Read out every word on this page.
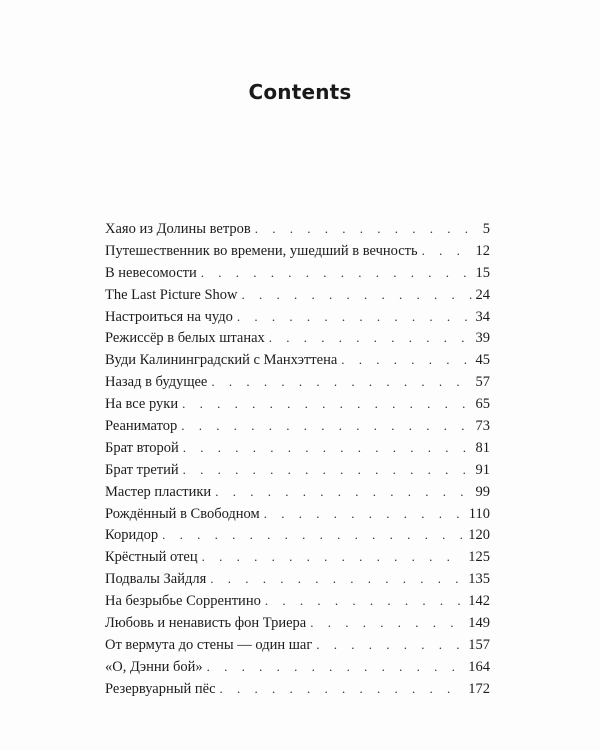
Contents
Хаяо из Долины ветров . . .	5
Путешественник во времени, ушедший в вечность . . .	12
В невесомости . . .	15
The Last Picture Show . . .	24
Настроиться на чудо . . .	34
Режиссёр в белых штанах . . .	39
Вуди Калининградский с Манхэттена . . .	45
Назад в будущее . . .	57
На все руки . . .	65
Реаниматор . . .	73
Брат второй . . .	81
Брат третий . . .	91
Мастер пластики . . .	99
Рождённый в Свободном . . .	110
Коридор . . .	120
Крёстный отец . . .	125
Подвалы Зайдля . . .	135
На безрыбье Соррентино . . .	142
Любовь и ненависть фон Триера . . .	149
От вермута до стены — один шаг . . .	157
«О, Дэнни бой» . . .	164
Резервуарный пёс . . .	172
